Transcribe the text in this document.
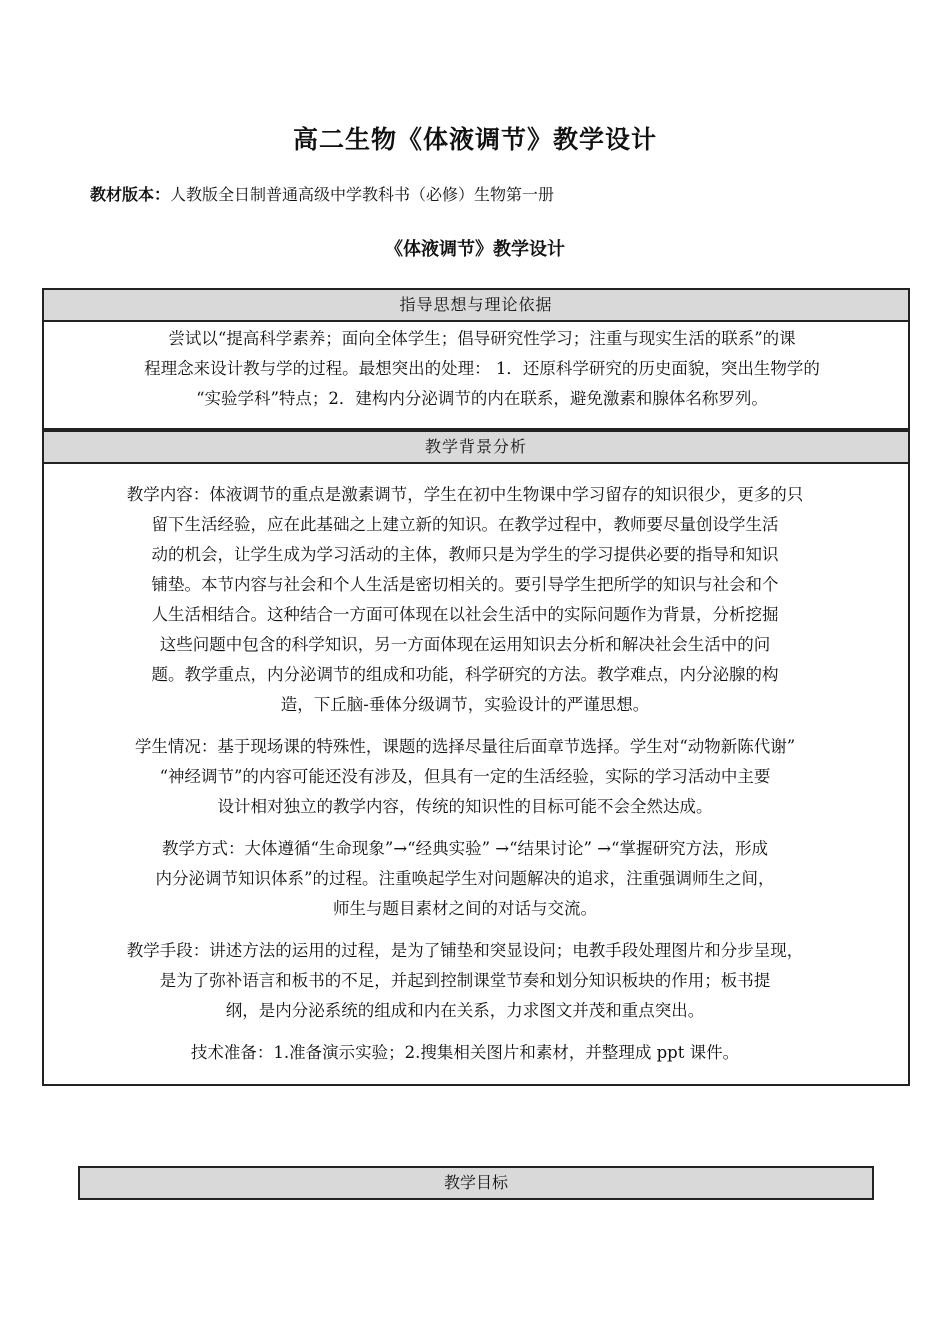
高二生物《体液调节》教学设计
教材版本：人教版全日制普通高级中学教科书（必修）生物第一册
《体液调节》教学设计
指导思想与理论依据
尝试以“提高科学素养；面向全体学生；倡导研究性学习；注重与现实生活的联系”的课
程理念来设计教与学的过程。最想突出的处理： 1．还原科学研究的历史面貌，突出生物学的
“实验学科”特点；2．建构内分泌调节的内在联系，避免激素和腺体名称罗列。
教学背景分析

教学内容：体液调节的重点是激素调节，学生在初中生物课中学习留存的知识很少，更多的只
留下生活经验，应在此基础之上建立新的知识。在教学过程中，教师要尽量创设学生活
动的机会，让学生成为学习活动的主体，教师只是为学生的学习提供必要的指导和知识
铺垫。本节内容与社会和个人生活是密切相关的。要引导学生把所学的知识与社会和个
人生活相结合。这种结合一方面可体现在以社会生活中的实际问题作为背景，分析挖掘
这些问题中包含的科学知识，另一方面体现在运用知识去分析和解决社会生活中的问
题。教学重点，内分泌调节的组成和功能，科学研究的方法。教学难点，内分泌腺的构
造，下丘脑-垂体分级调节，实验设计的严谨思想。

学生情况：基于现场课的特殊性，课题的选择尽量往后面章节选择。学生对“动物新陈代谢”
“神经调节”的内容可能还没有涉及，但具有一定的生活经验，实际的学习活动中主要
设计相对独立的教学内容，传统的知识性的目标可能不会全然达成。

教学方式：大体遵循“生命现象”→“经典实验” →“结果讨论” →“掌握研究方法，形成
内分泌调节知识体系”的过程。注重唤起学生对问题解决的追求，注重强调师生之间，
师生与题目素材之间的对话与交流。

教学手段：讲述方法的运用的过程，是为了铺垫和突显设问；电教手段处理图片和分步呈现，
是为了弥补语言和板书的不足，并起到控制课堂节奏和划分知识板块的作用；板书提
纲，是内分泌系统的组成和内在关系，力求图文并茂和重点突出。

技术准备：1.准备演示实验；2.搜集相关图片和素材，并整理成 ppt 课件。

教学目标
